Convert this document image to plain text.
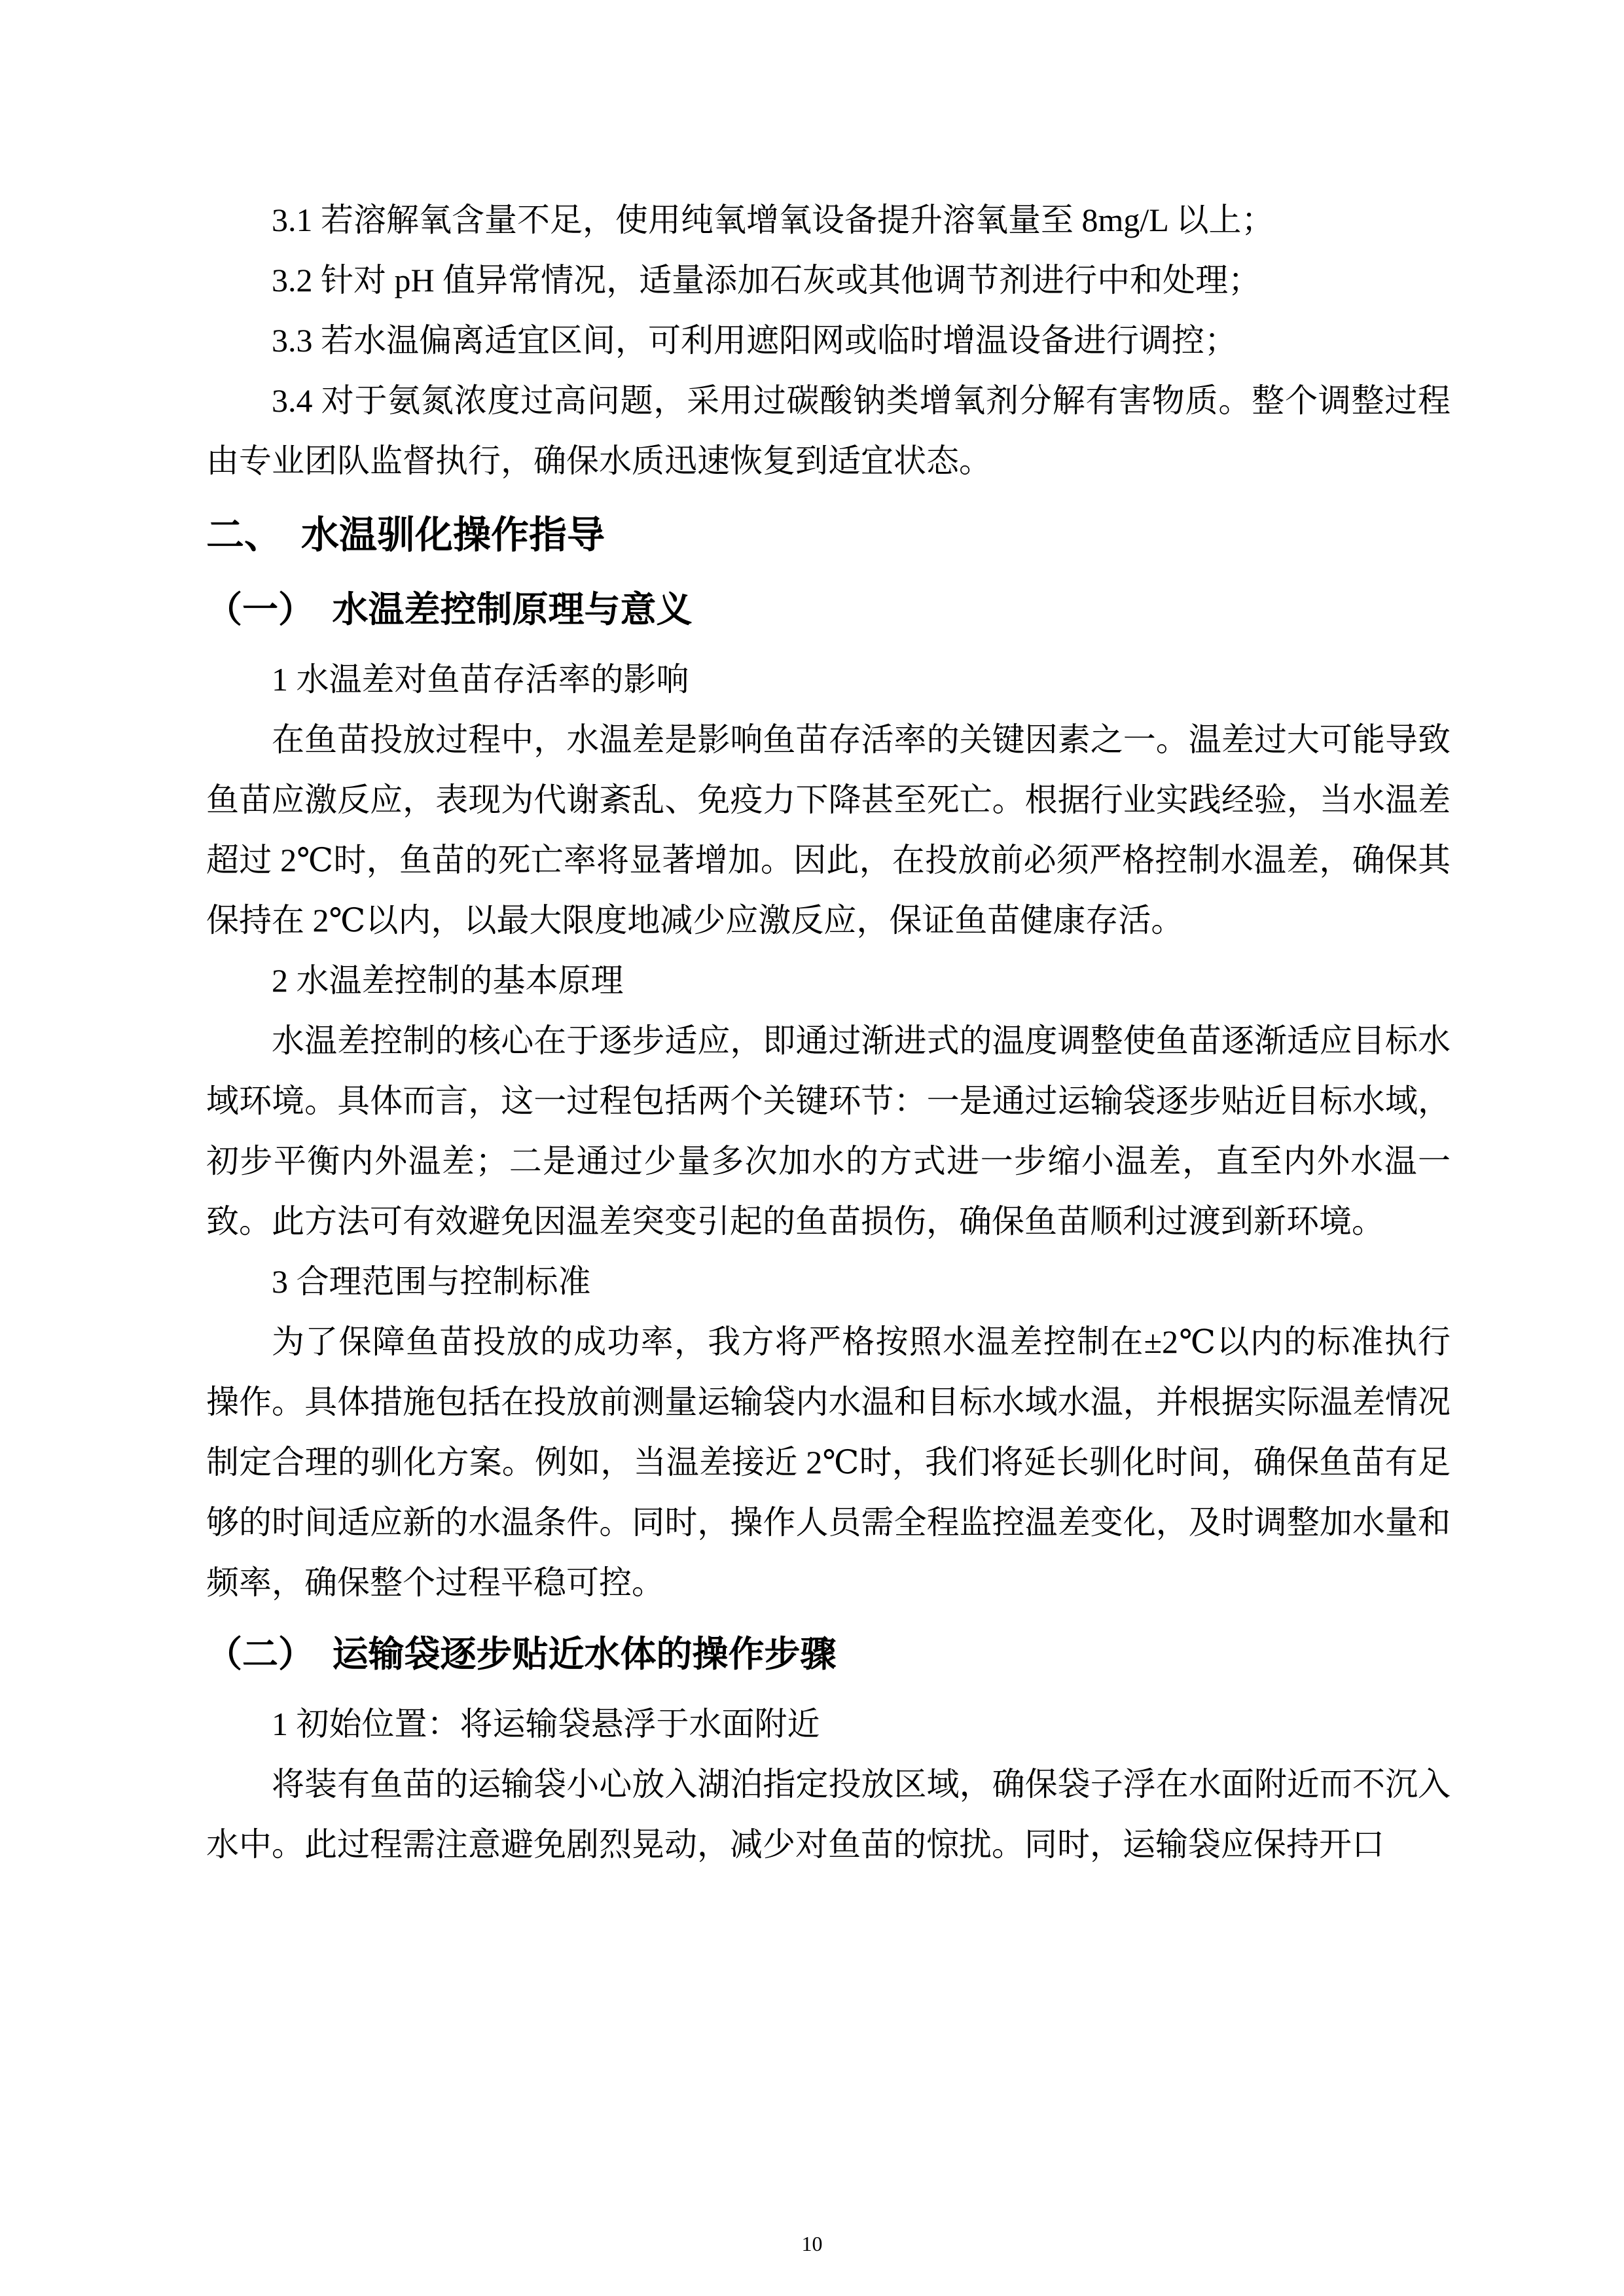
3.1 若溶解氧含量不足，使用纯氧增氧设备提升溶氧量至 8mg/L 以上；

3.2 针对 pH 值异常情况，适量添加石灰或其他调节剂进行中和处理；

3.3 若水温偏离适宜区间，可利用遮阳网或临时增温设备进行调控；

3.4 对于氨氮浓度过高问题，采用过碳酸钠类增氧剂分解有害物质。整个调整过程由专业团队监督执行，确保水质迅速恢复到适宜状态。

二、　水温驯化操作指导
（一）　水温差控制原理与意义

1 水温差对鱼苗存活率的影响

在鱼苗投放过程中，水温差是影响鱼苗存活率的关键因素之一。温差过大可能导致鱼苗应激反应，表现为代谢紊乱、免疫力下降甚至死亡。根据行业实践经验，当水温差超过 2℃时，鱼苗的死亡率将显著增加。因此，在投放前必须严格控制水温差，确保其保持在 2℃以内，以最大限度地减少应激反应，保证鱼苗健康存活。

2 水温差控制的基本原理

水温差控制的核心在于逐步适应，即通过渐进式的温度调整使鱼苗逐渐适应目标水域环境。具体而言，这一过程包括两个关键环节：一是通过运输袋逐步贴近目标水域，初步平衡内外温差；二是通过少量多次加水的方式进一步缩小温差，直至内外水温一致。此方法可有效避免因温差突变引起的鱼苗损伤，确保鱼苗顺利过渡到新环境。

3 合理范围与控制标准

为了保障鱼苗投放的成功率，我方将严格按照水温差控制在±2℃以内的标准执行操作。具体措施包括在投放前测量运输袋内水温和目标水域水温，并根据实际温差情况制定合理的驯化方案。例如，当温差接近 2℃时，我们将延长驯化时间，确保鱼苗有足够的时间适应新的水温条件。同时，操作人员需全程监控温差变化，及时调整加水量和频率，确保整个过程平稳可控。

（二）　运输袋逐步贴近水体的操作步骤

1 初始位置：将运输袋悬浮于水面附近

将装有鱼苗的运输袋小心放入湖泊指定投放区域，确保袋子浮在水面附近而不沉入水中。此过程需注意避免剧烈晃动，减少对鱼苗的惊扰。同时，运输袋应保持开口

10
